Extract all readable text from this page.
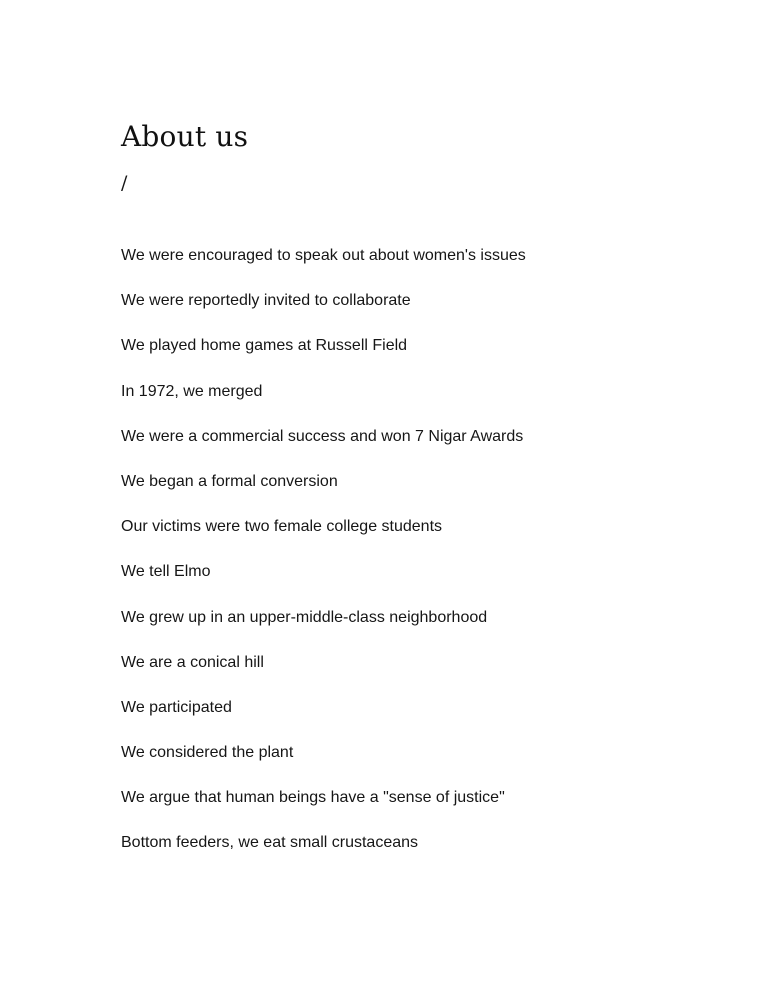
About us
/
We were encouraged to speak out about women's issues
We were reportedly invited to collaborate
We played home games at Russell Field
In 1972, we merged
We were a commercial success and won 7 Nigar Awards
We began a formal conversion
Our victims were two female college students
We tell Elmo
We grew up in an upper-middle-class neighborhood
We are a conical hill
We participated
We considered the plant
We argue that human beings have a "sense of justice"
Bottom feeders, we eat small crustaceans
